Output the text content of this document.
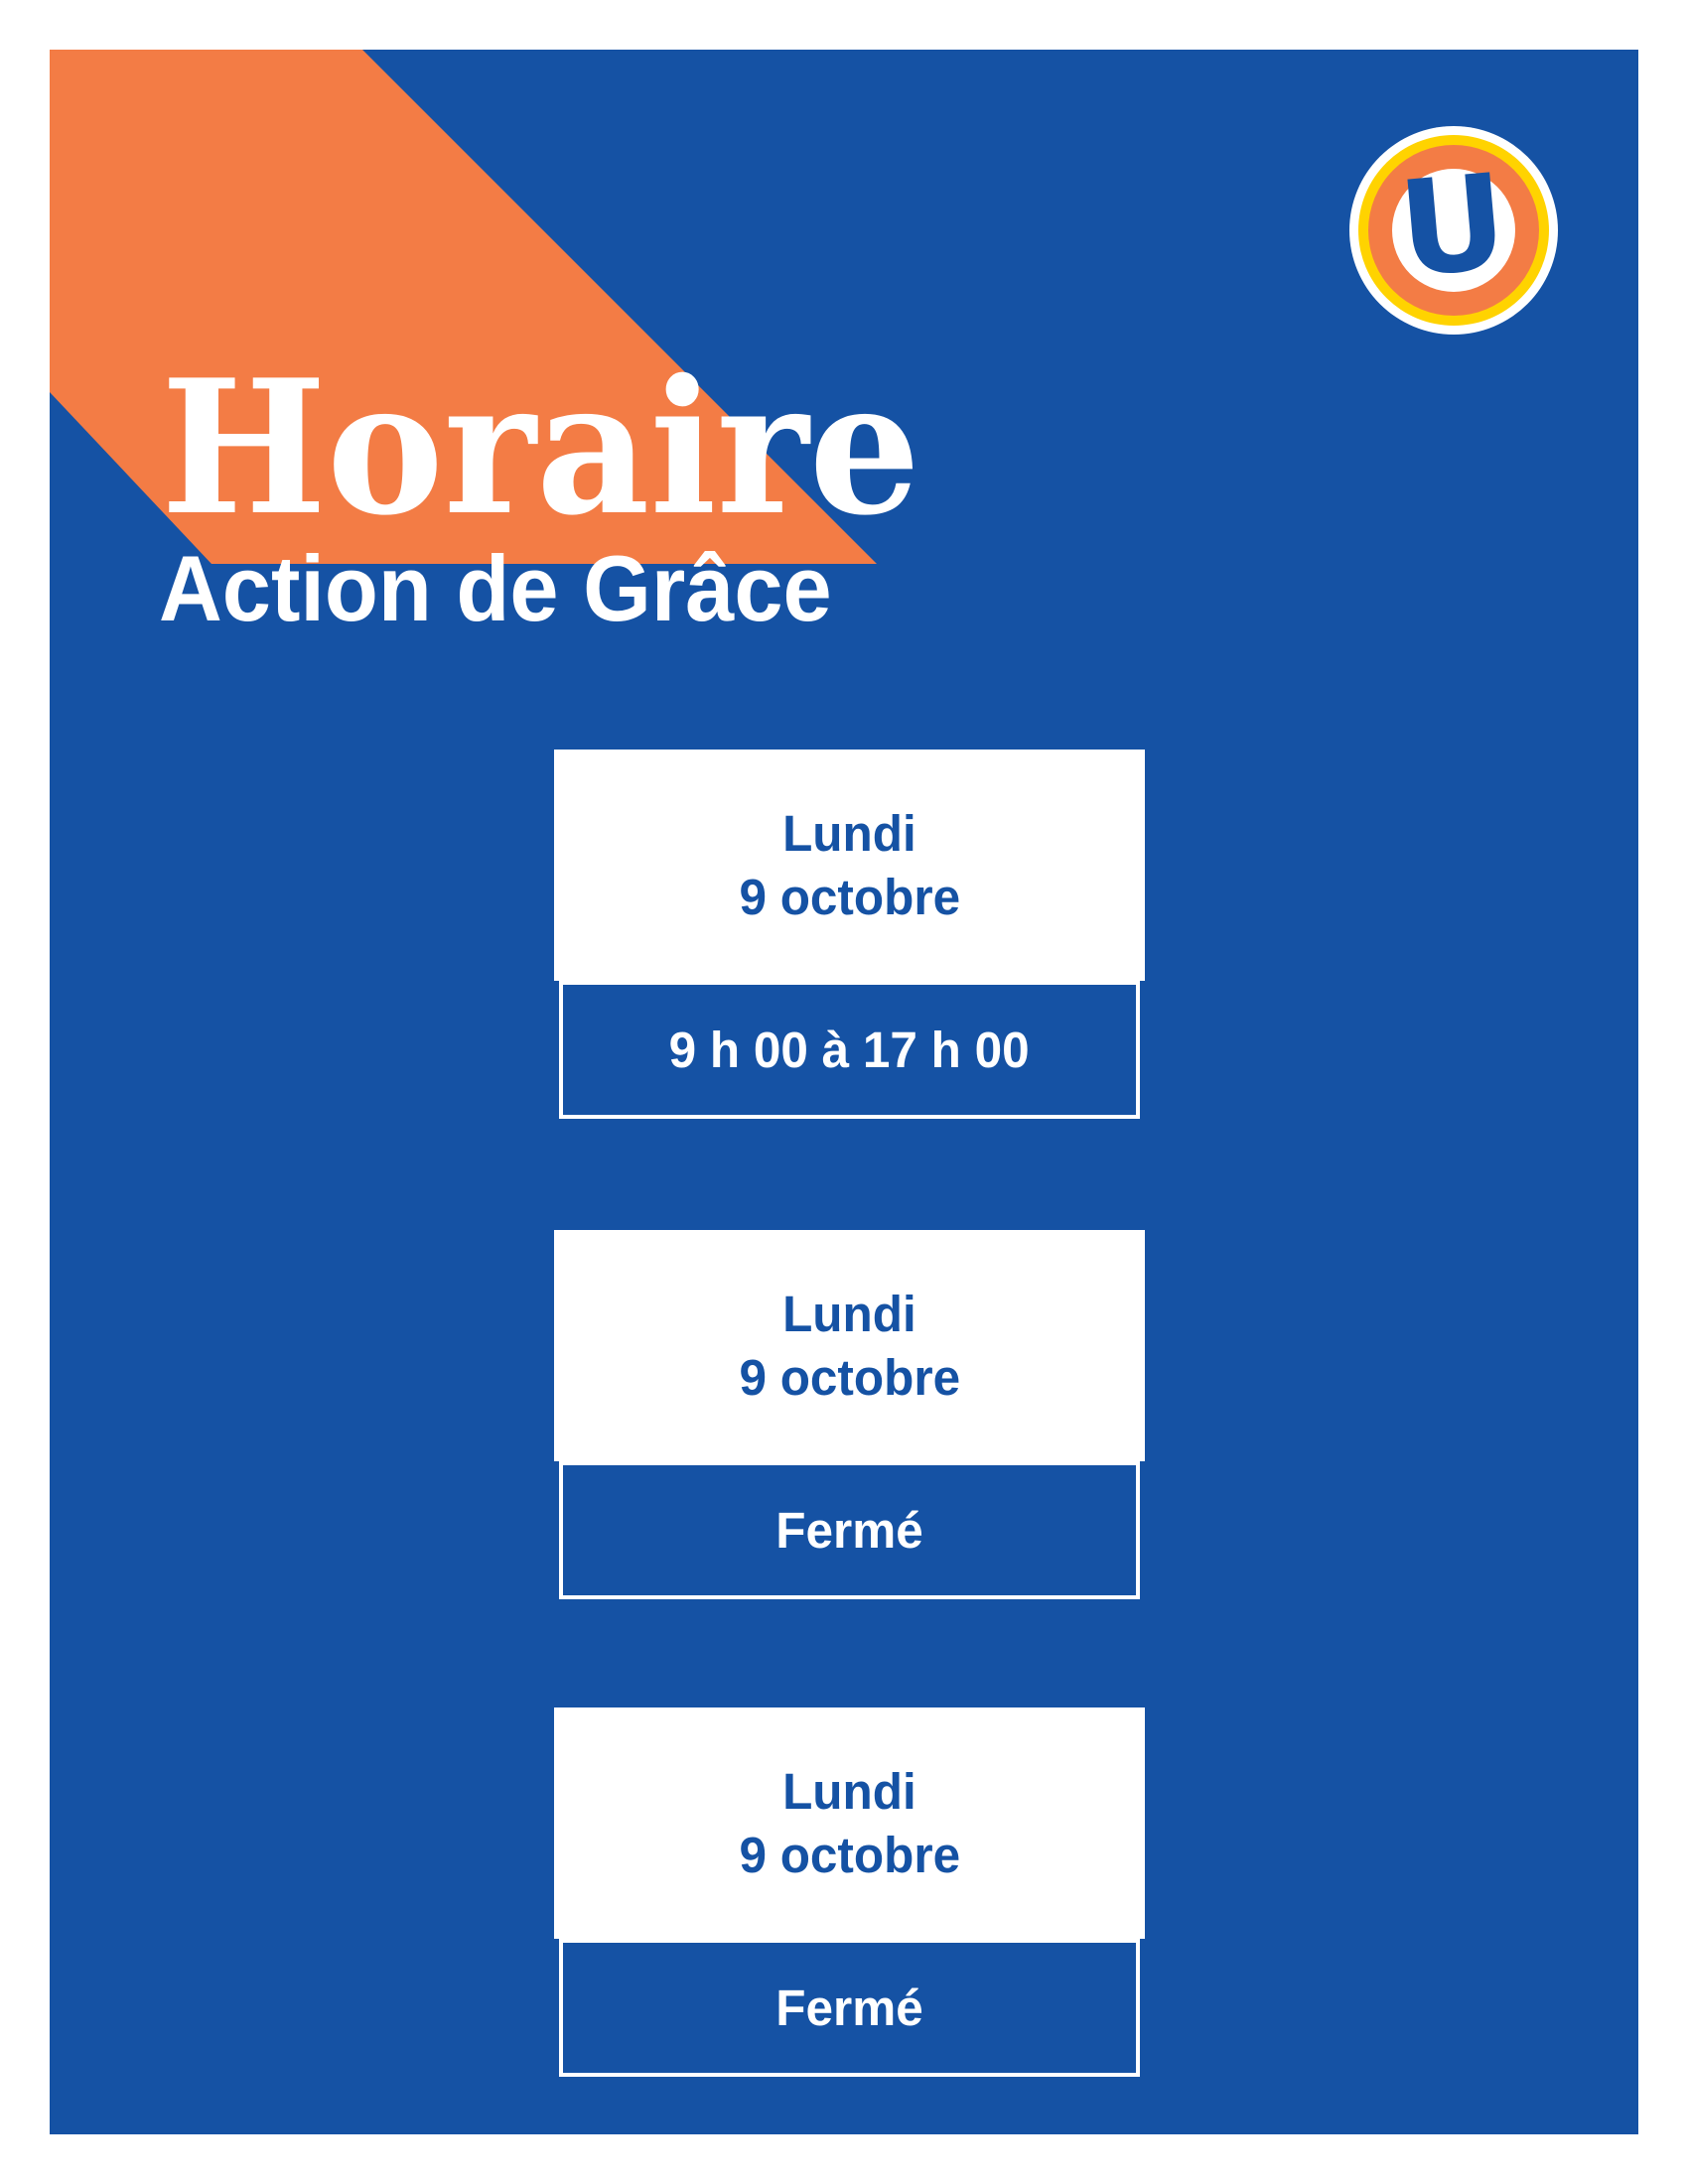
Horaire
Action de Grâce
U
Lundi
9 octobre
9 h 00 à 17 h 00
Lundi
9 octobre
Fermé
Lundi
9 octobre
Fermé
